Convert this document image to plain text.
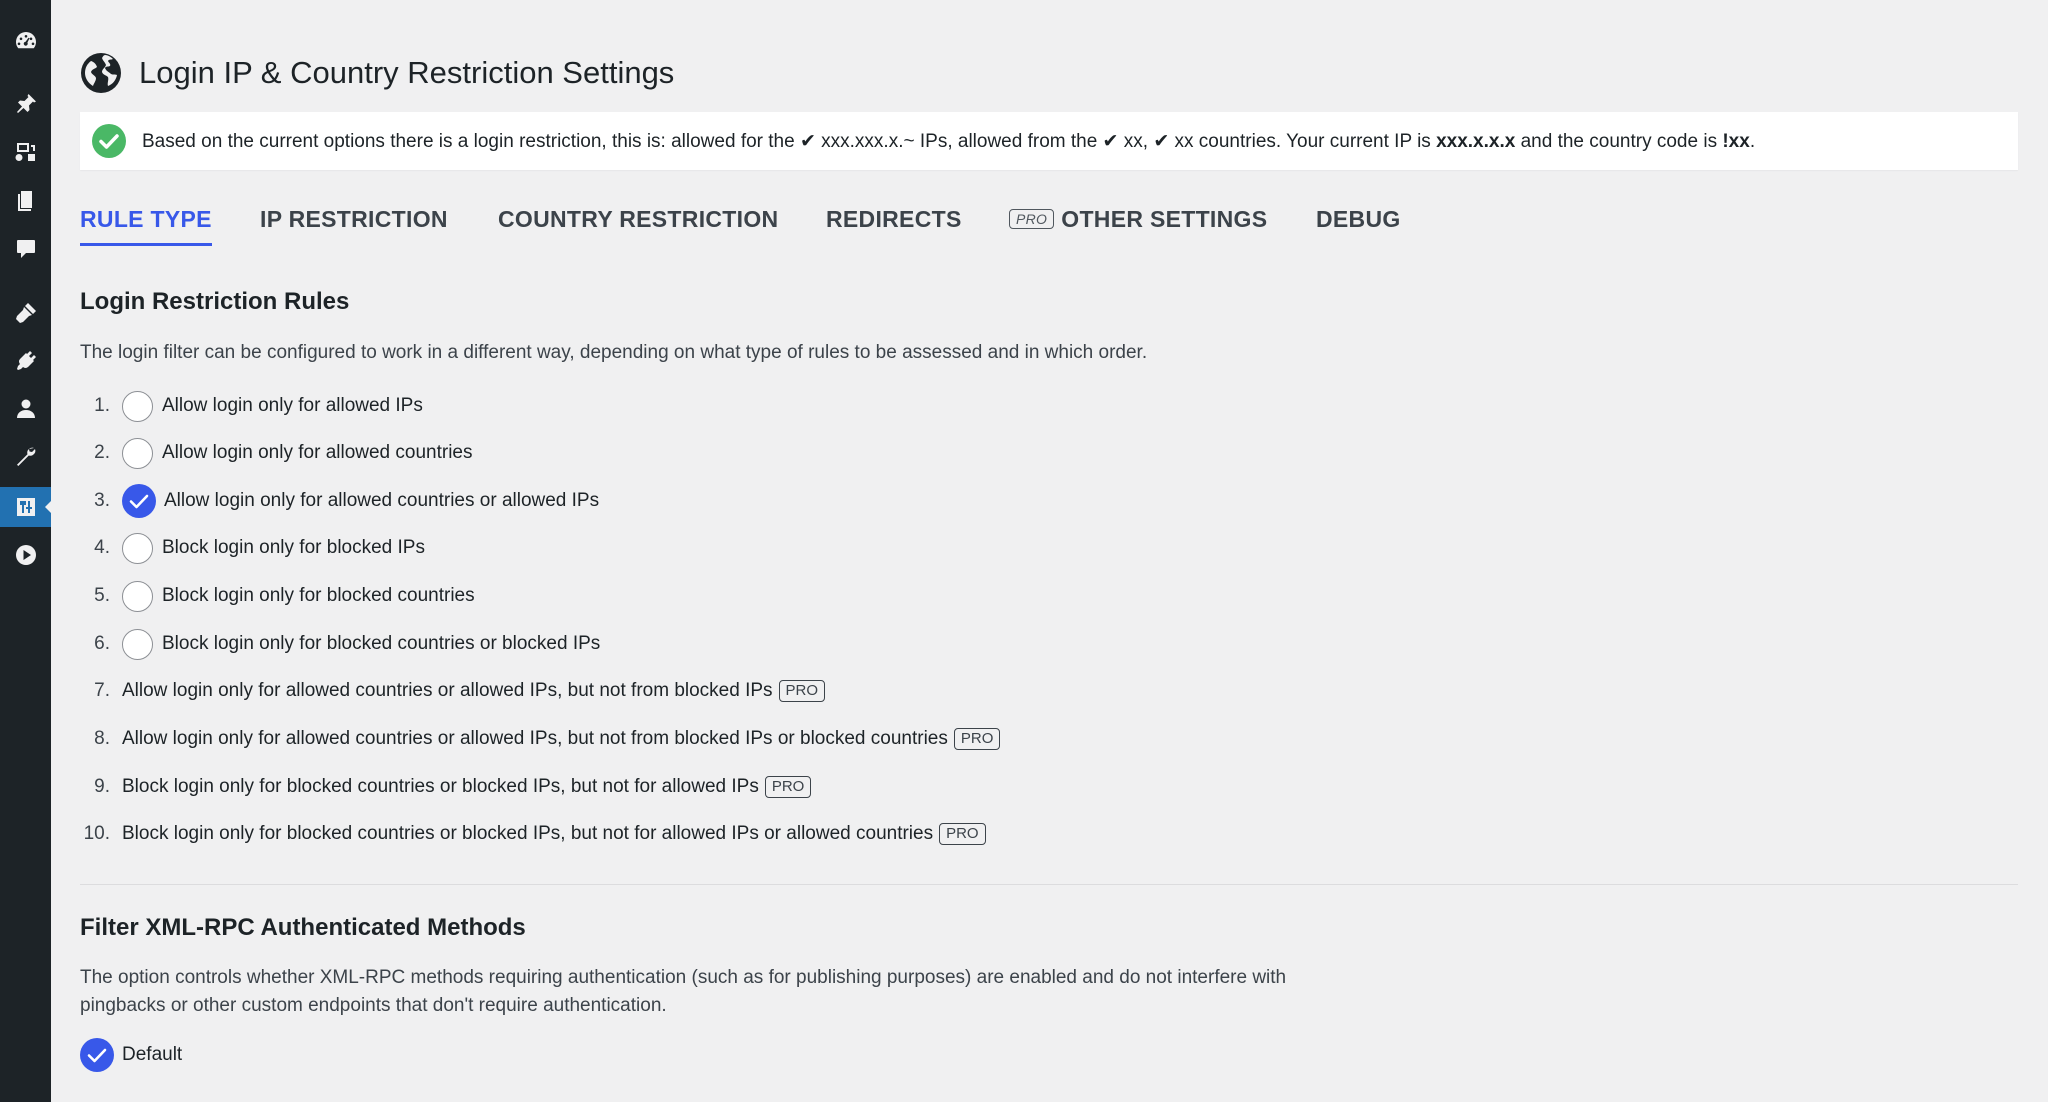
Login IP & Country Restriction Settings
Based on the current options there is a login restriction, this is: allowed for the ✔ xxx.xxx.x.~ IPs, allowed from the ✔ xx, ✔ xx countries. Your current IP is xxx.x.x.x and the country code is !xx.
RULE TYPE IP RESTRICTION COUNTRY RESTRICTION REDIRECTS	PRO OTHER SETTINGS DEBUG
Login Restriction Rules
The login filter can be configured to work in a different way, depending on what type of rules to be assessed and in which order.
1.	Allow login only for allowed IPs
2.	Allow login only for allowed countries
3.	Allow login only for allowed countries or allowed IPs
4.	Block login only for blocked IPs
5.	Block login only for blocked countries
6.	Block login only for blocked countries or blocked IPs
7. Allow login only for allowed countries or allowed IPs, but not from blocked IPs PRO
8. Allow login only for allowed countries or allowed IPs, but not from blocked IPs or blocked countries PRO
9. Block login only for blocked countries or blocked IPs, but not for allowed IPs PRO
10. Block login only for blocked countries or blocked IPs, but not for allowed IPs or allowed countries PRO
Filter XML-RPC Authenticated Methods
The option controls whether XML-RPC methods requiring authentication (such as for publishing purposes) are enabled and do not interfere with
pingbacks or other custom endpoints that don't require authentication.
Default
